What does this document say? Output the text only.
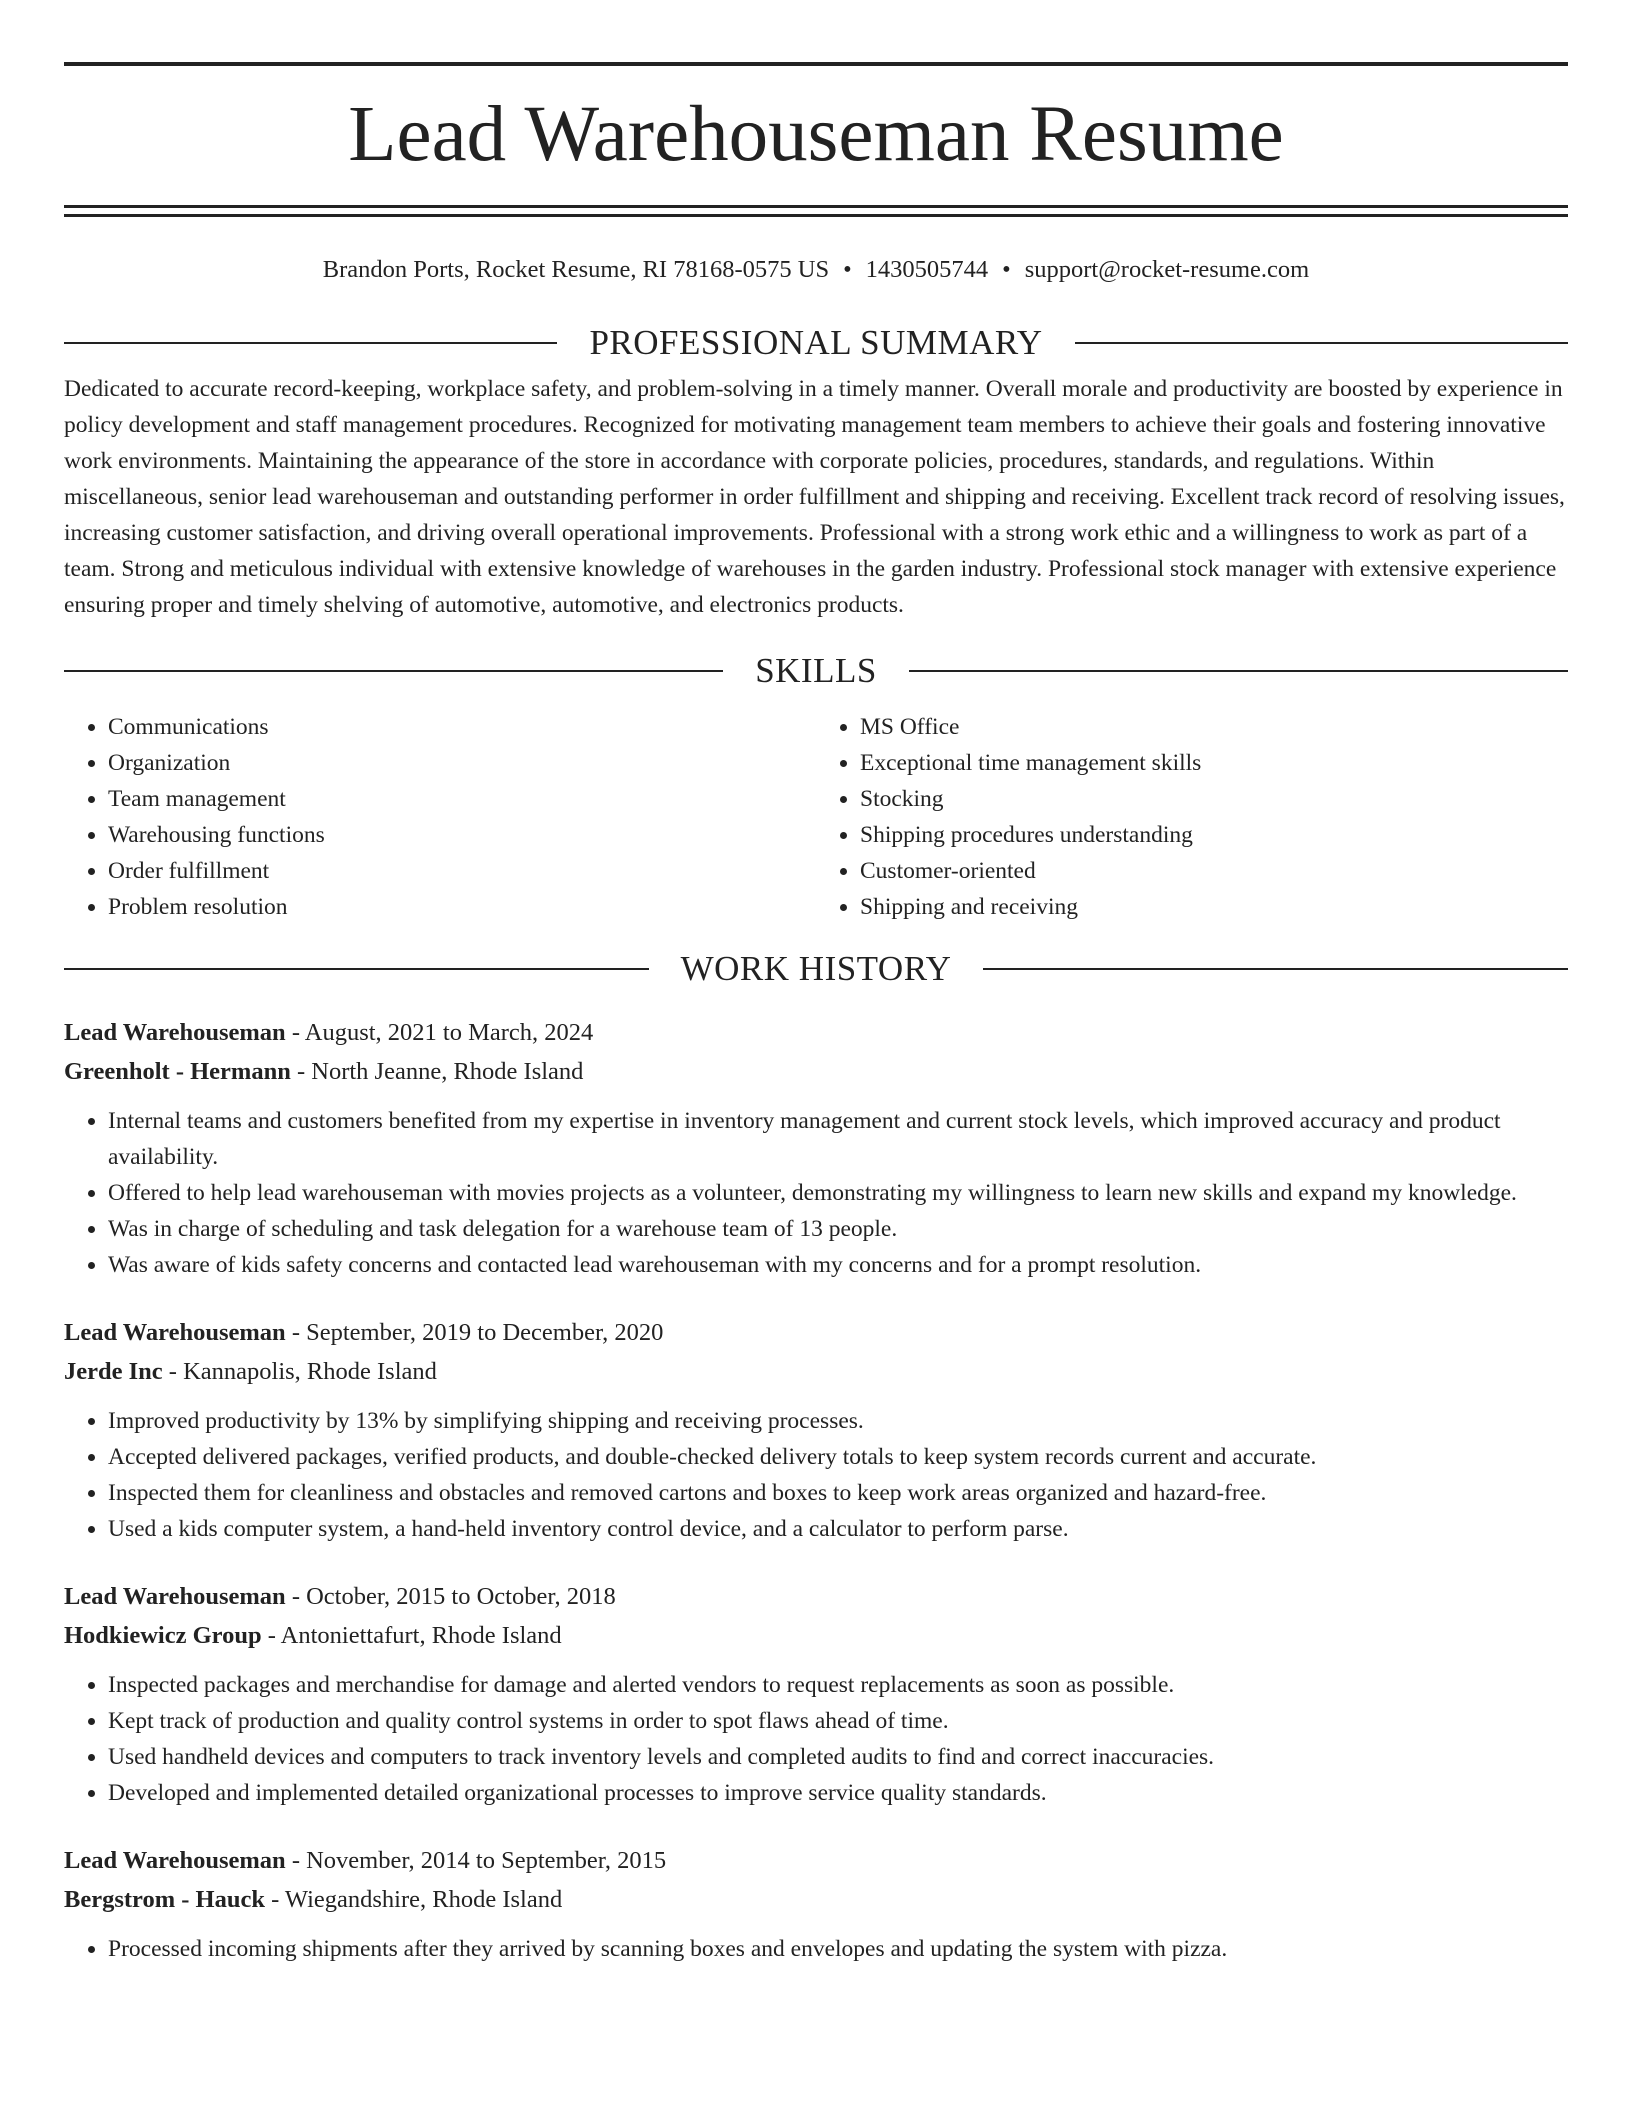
Lead Warehouseman Resume
Brandon Ports, Rocket Resume, RI 78168-0575 US • 1430505744 • support@rocket-resume.com
PROFESSIONAL SUMMARY
Dedicated to accurate record-keeping, workplace safety, and problem-solving in a timely manner. Overall morale and productivity are boosted by experience in policy development and staff management procedures. Recognized for motivating management team members to achieve their goals and fostering innovative work environments. Maintaining the appearance of the store in accordance with corporate policies, procedures, standards, and regulations. Within miscellaneous, senior lead warehouseman and outstanding performer in order fulfillment and shipping and receiving. Excellent track record of resolving issues, increasing customer satisfaction, and driving overall operational improvements. Professional with a strong work ethic and a willingness to work as part of a team. Strong and meticulous individual with extensive knowledge of warehouses in the garden industry. Professional stock manager with extensive experience ensuring proper and timely shelving of automotive, automotive, and electronics products.
SKILLS
• Communications
• Organization
• Team management
• Warehousing functions
• Order fulfillment
• Problem resolution
• MS Office
• Exceptional time management skills
• Stocking
• Shipping procedures understanding
• Customer-oriented
• Shipping and receiving
WORK HISTORY
Lead Warehouseman - August, 2021 to March, 2024
Greenholt - Hermann - North Jeanne, Rhode Island
• Internal teams and customers benefited from my expertise in inventory management and current stock levels, which improved accuracy and product availability.
• Offered to help lead warehouseman with movies projects as a volunteer, demonstrating my willingness to learn new skills and expand my knowledge.
• Was in charge of scheduling and task delegation for a warehouse team of 13 people.
• Was aware of kids safety concerns and contacted lead warehouseman with my concerns and for a prompt resolution.
Lead Warehouseman - September, 2019 to December, 2020
Jerde Inc - Kannapolis, Rhode Island
• Improved productivity by 13% by simplifying shipping and receiving processes.
• Accepted delivered packages, verified products, and double-checked delivery totals to keep system records current and accurate.
• Inspected them for cleanliness and obstacles and removed cartons and boxes to keep work areas organized and hazard-free.
• Used a kids computer system, a hand-held inventory control device, and a calculator to perform parse.
Lead Warehouseman - October, 2015 to October, 2018
Hodkiewicz Group - Antoniettafurt, Rhode Island
• Inspected packages and merchandise for damage and alerted vendors to request replacements as soon as possible.
• Kept track of production and quality control systems in order to spot flaws ahead of time.
• Used handheld devices and computers to track inventory levels and completed audits to find and correct inaccuracies.
• Developed and implemented detailed organizational processes to improve service quality standards.
Lead Warehouseman - November, 2014 to September, 2015
Bergstrom - Hauck - Wiegandshire, Rhode Island
• Processed incoming shipments after they arrived by scanning boxes and envelopes and updating the system with pizza.
